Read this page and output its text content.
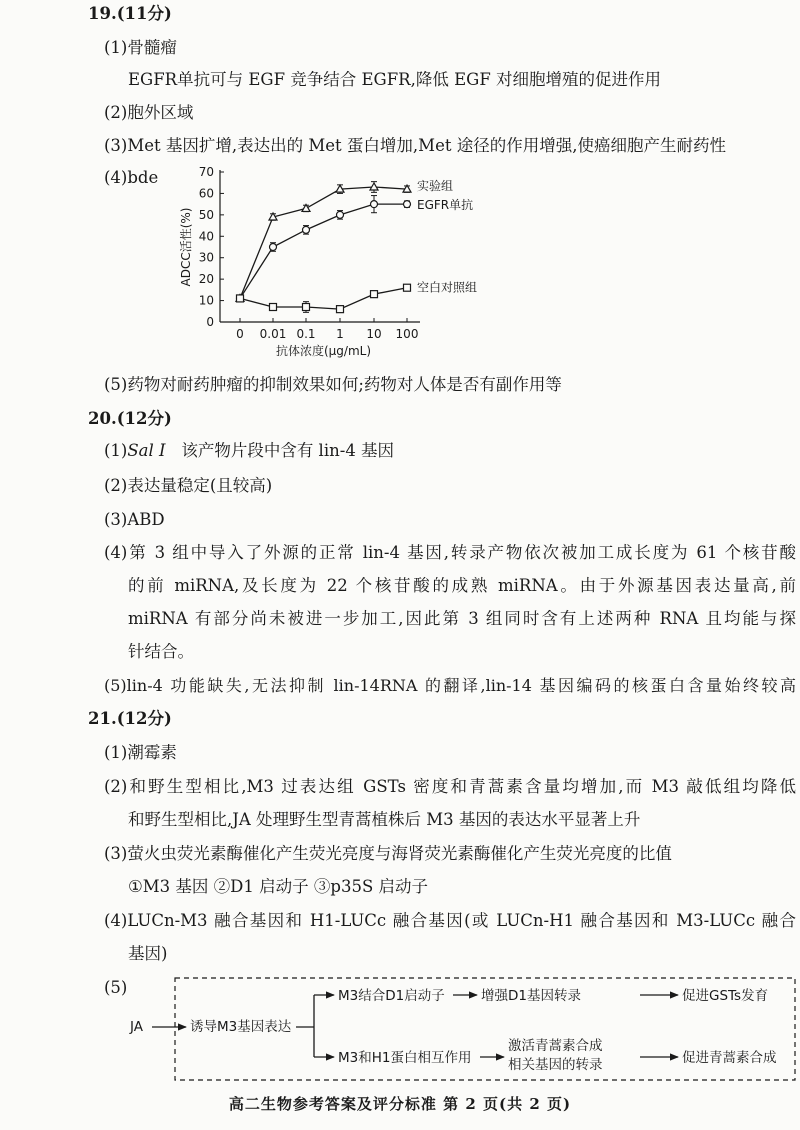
19.(11分)
(1)骨髓瘤
EGFR单抗可与 EGF 竞争结合 EGFR,降低 EGF 对细胞增殖的促进作用
(2)胞外区域
(3)Met 基因扩增,表达出的 Met 蛋白增加,Met 途径的作用增强,使癌细胞产生耐药性
(4)bde
0
10
20
30
40
50
60
70
0 0.01 0.1 1 10 100
ADCC活性(%)
抗体浓度(μg/mL)
实验组
EGFR单抗
空白对照组
(5)药物对耐药肿瘤的抑制效果如何;药物对人体是否有副作用等
20.(12分)
(1)Sal Ⅰ 该产物片段中含有 lin-4 基因
(2)表达量稳定(且较高)
(3)ABD
(4)第 3 组中导入了外源的正常 lin-4 基因,转录产物依次被加工成长度为 61 个核苷酸
的前 miRNA,及长度为 22 个核苷酸的成熟 miRNA。由于外源基因表达量高,前
miRNA 有部分尚未被进一步加工,因此第 3 组同时含有上述两种 RNA 且均能与探
针结合。
(5)lin-4 功能缺失,无法抑制 lin-14RNA 的翻译,lin-14 基因编码的核蛋白含量始终较高
21.(12分)
(1)潮霉素
(2)和野生型相比,M3 过表达组 GSTs 密度和青蒿素含量均增加,而 M3 敲低组均降低
和野生型相比,JA 处理野生型青蒿植株后 M3 基因的表达水平显著上升
(3)萤火虫荧光素酶催化产生荧光亮度与海肾荧光素酶催化产生荧光亮度的比值
①M3 基因 ②D1 启动子 ③p35S 启动子
(4)LUCn-M3 融合基因和 H1-LUCc 融合基因(或 LUCn-H1 融合基因和 M3-LUCc 融合
基因)
(5)
JA	诱导M3基因表达
M3结合D1启动子	增强D1基因转录	促进GSTs发育
M3和H1蛋白相互作用
激活青蒿素合成
相关基因的转录	促进青蒿素合成
高二生物参考答案及评分标准 第 2 页(共 2 页)
